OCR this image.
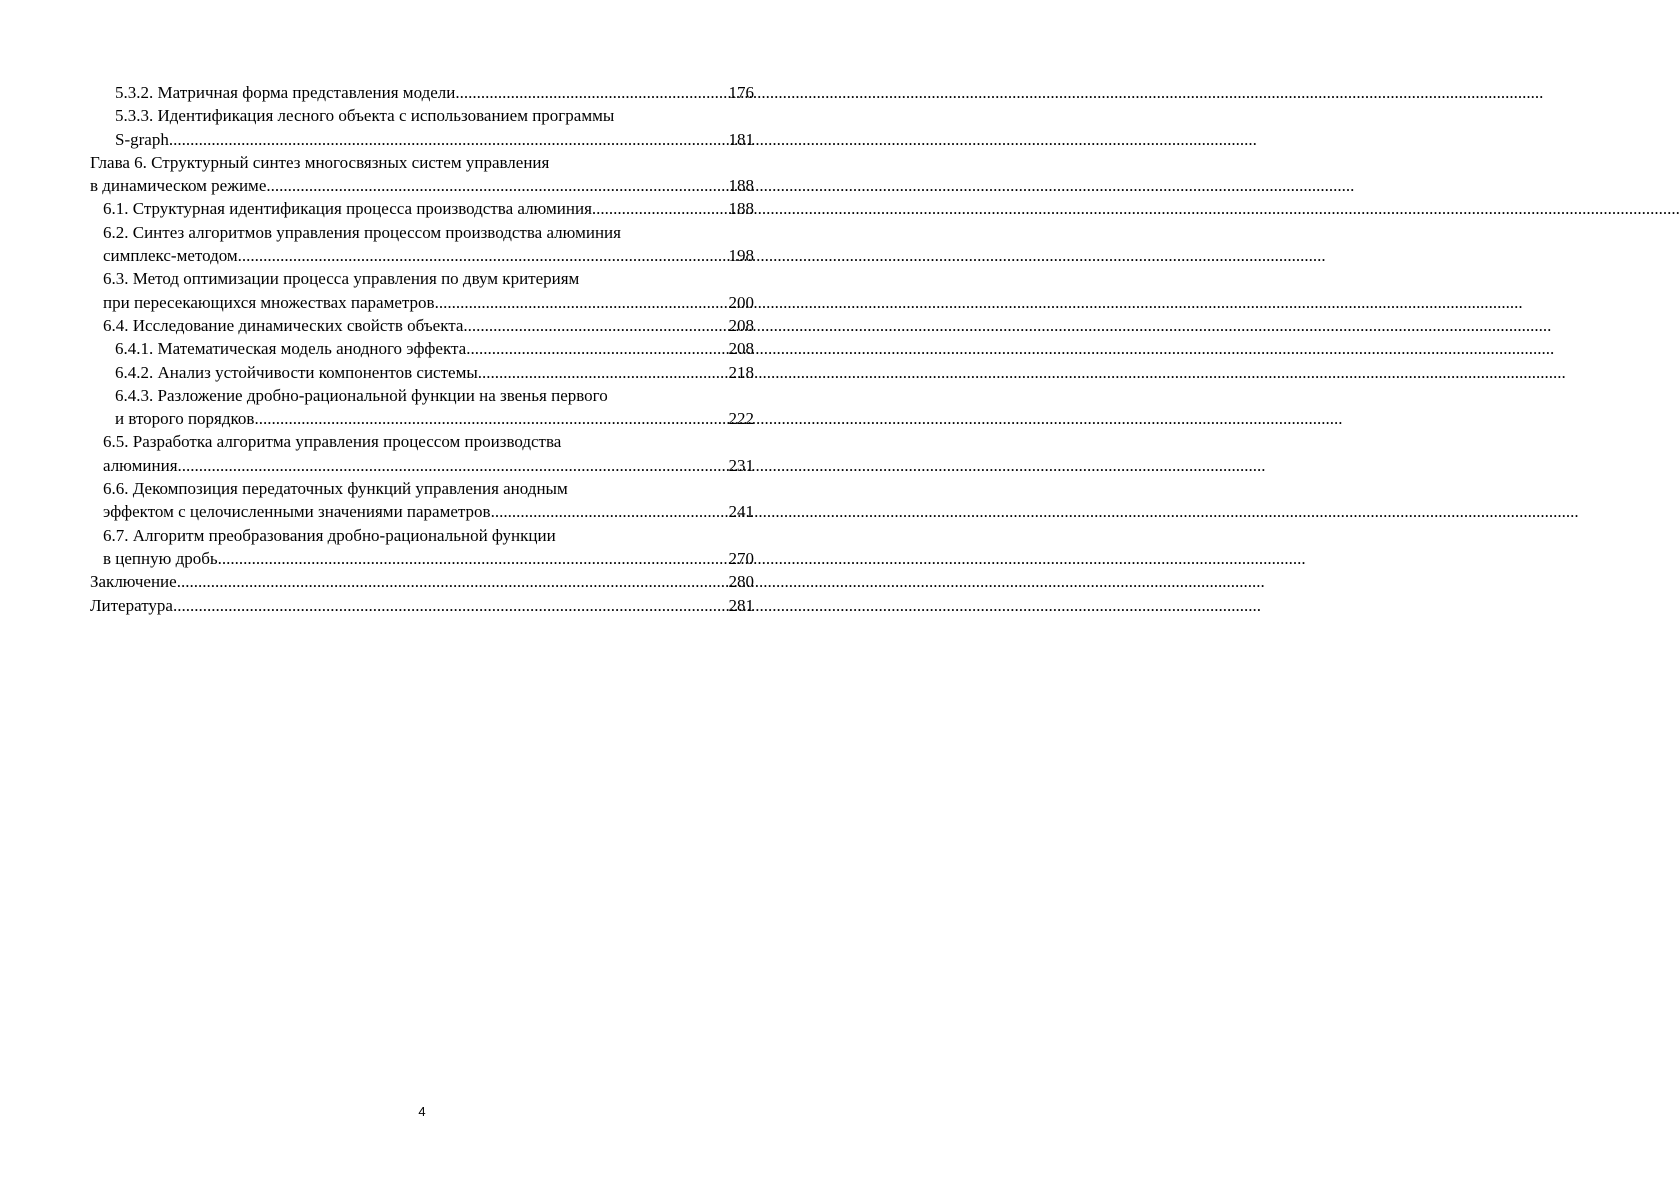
5.3.2. Матричная форма представления модели .....	176
5.3.3. Идентификация лесного объекта с использованием программы
S-graph .....	181
Глава 6. Структурный синтез многосвязных систем управления
в динамическом режиме .....	188
6.1. Структурная идентификация процесса производства алюминия .....	188
6.2. Синтез алгоритмов управления процессом производства алюминия
симплекс-методом .....	198
6.3. Метод оптимизации процесса управления по двум критериям
при пересекающихся множествах параметров .....	200
6.4. Исследование динамических свойств объекта .....	208
6.4.1. Математическая модель анодного эффекта .....	208
6.4.2. Анализ устойчивости компонентов системы .....	218
6.4.3. Разложение дробно-рациональной функции на звенья первого
и второго порядков .....	222
6.5. Разработка алгоритма управления процессом производства
алюминия .....	231
6.6. Декомпозиция передаточных функций управления анодным
эффектом с целочисленными значениями параметров .....	241
6.7. Алгоритм преобразования дробно-рациональной функции
в цепную дробь .....	270
Заключение .....	280
Литература .....	281
4
